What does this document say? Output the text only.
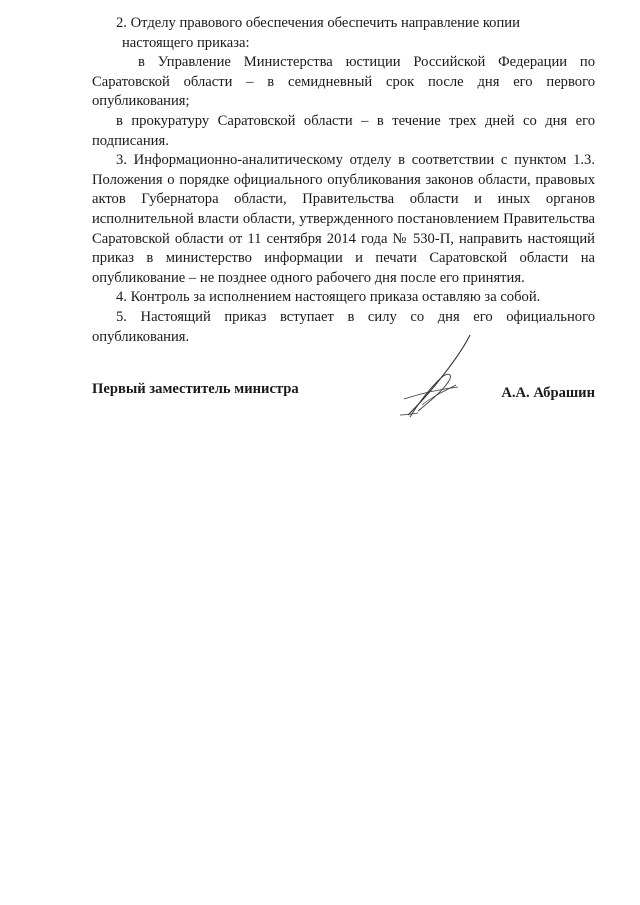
2. Отделу правового обеспечения обеспечить направление копии

настоящего приказа:

в Управление Министерства юстиции Российской Федерации по Саратовской области – в семидневный срок после дня его первого опубликования;

в прокуратуру Саратовской области – в течение трех дней со дня его подписания.

3. Информационно-аналитическому отделу в соответствии с пунктом 1.3. Положения о порядке официального опубликования законов области, правовых актов Губернатора области, Правительства области и иных органов исполнительной власти области, утвержденного постановлением Правительства Саратовской области от 11 сентября 2014 года № 530-П, направить настоящий приказ в министерство информации и печати Саратовской области на опубликование – не позднее одного рабочего дня после его принятия.

4. Контроль за исполнением настоящего приказа оставляю за собой.

5. Настоящий приказ вступает в силу со дня его официального опубликования.

Первый заместитель министра	А.А. Абрашин
